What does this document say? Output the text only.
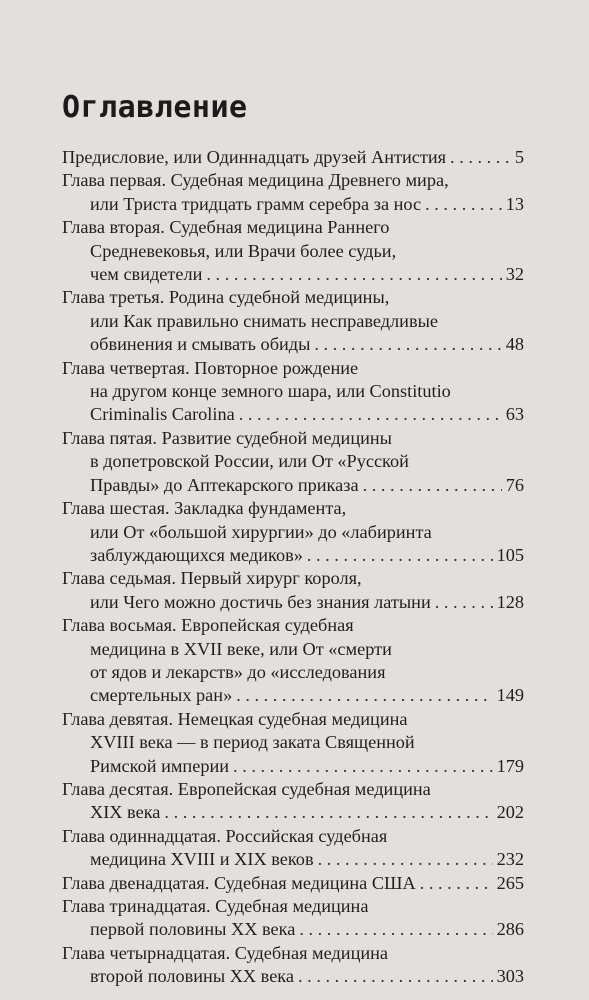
Оглавление
Предисловие, или Одиннадцать друзей Антистия . . .	5
Глава первая. Судебная медицина Древнего мира,
или Триста тридцать грамм серебра за нос . . .	13
Глава вторая. Судебная медицина Раннего
Средневековья, или Врачи более судьи,
чем свидетели . . .	32
Глава третья. Родина судебной медицины,
или Как правильно снимать несправедливые
обвинения и смывать обиды . . .	48
Глава четвертая. Повторное рождение
на другом конце земного шара, или Constitutio
Criminalis Carolina . . .	63
Глава пятая. Развитие судебной медицины
в допетровской России, или От «Русской
Правды» до Аптекарского приказа . . .	76
Глава шестая. Закладка фундамента,
или От «большой хирургии» до «лабиринта
заблуждающихся медиков» . . .	105
Глава седьмая. Первый хирург короля,
или Чего можно достичь без знания латыни . . .	128
Глава восьмая. Европейская судебная
медицина в XVII веке, или От «смерти
от ядов и лекарств» до «исследования
смертельных ран» . . .	149
Глава девятая. Немецкая судебная медицина
XVIII века — в период заката Священной
Римской империи . . .	179
Глава десятая. Европейская судебная медицина
XIX века . . .	202
Глава одиннадцатая. Российская судебная
медицина XVIII и XIX веков . . .	232
Глава двенадцатая. Судебная медицина США . . .	265
Глава тринадцатая. Судебная медицина
первой половины XX века . . .	286
Глава четырнадцатая. Судебная медицина
второй половины XX века . . .	303
